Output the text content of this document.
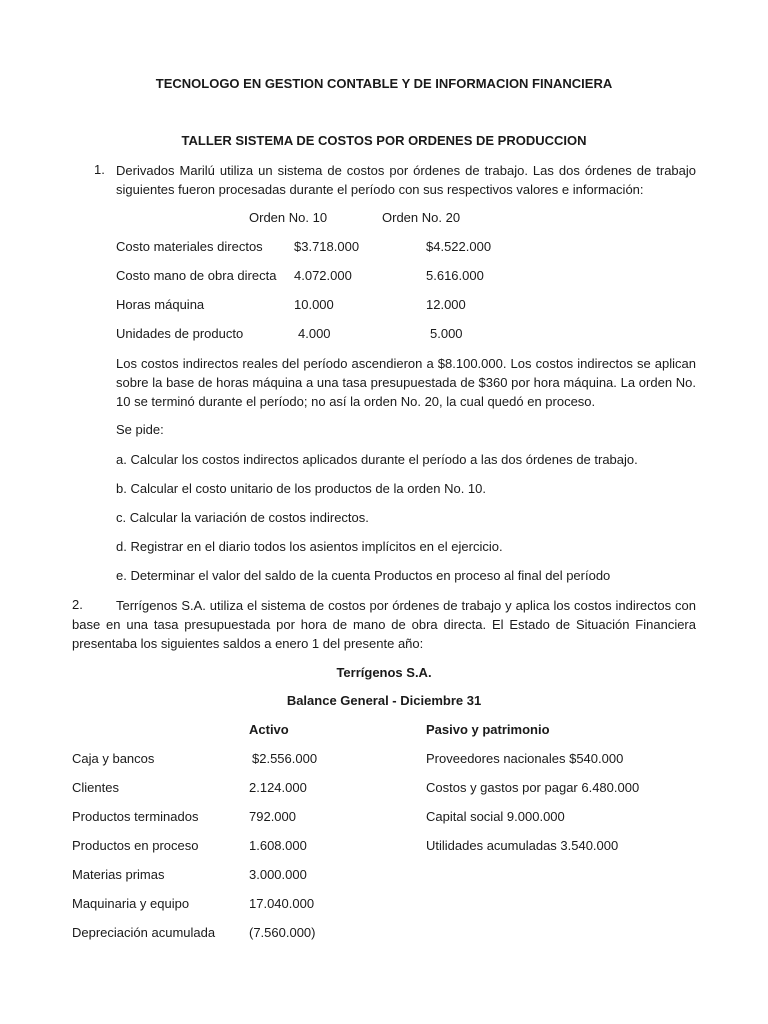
TECNOLOGO EN GESTION CONTABLE Y DE INFORMACION FINANCIERA
TALLER SISTEMA DE COSTOS POR ORDENES DE PRODUCCION
1. Derivados Marilú utiliza un sistema de costos por órdenes de trabajo. Las dos órdenes de trabajo siguientes fueron procesadas durante el período con sus respectivos valores e información:
Orden No. 10	Orden No. 20
Costo materiales directos $3.718.000	$4.522.000
Costo mano de obra directa 4.072.000	5.616.000
Horas máquina	10.000	12.000
Unidades de producto	4.000	5.000
Los costos indirectos reales del período ascendieron a $8.100.000. Los costos indirectos se aplican sobre la base de horas máquina a una tasa presupuestada de $360 por hora máquina. La orden No. 10 se terminó durante el período; no así la orden No. 20, la cual quedó en proceso.
Se pide:
a. Calcular los costos indirectos aplicados durante el período a las dos órdenes de trabajo.
b. Calcular el costo unitario de los productos de la orden No. 10.
c. Calcular la variación de costos indirectos.
d. Registrar en el diario todos los asientos implícitos en el ejercicio.
e. Determinar el valor del saldo de la cuenta Productos en proceso al final del período
2.	Terrígenos S.A. utiliza el sistema de costos por órdenes de trabajo y aplica los costos indirectos con base en una tasa presupuestada por hora de mano de obra directa. El Estado de Situación Financiera presentaba los siguientes saldos a enero 1 del presente año:
Terrígenos S.A.
Balance General - Diciembre 31
Activo	Pasivo y patrimonio
Caja y bancos	$2.556.000	Proveedores nacionales $540.000
Clientes	2.124.000	Costos y gastos por pagar 6.480.000
Productos terminados	792.000	Capital social 9.000.000
Productos en proceso	1.608.000	Utilidades acumuladas 3.540.000
Materias primas	3.000.000
Maquinaria y equipo	17.040.000
Depreciación acumulada	(7.560.000)
